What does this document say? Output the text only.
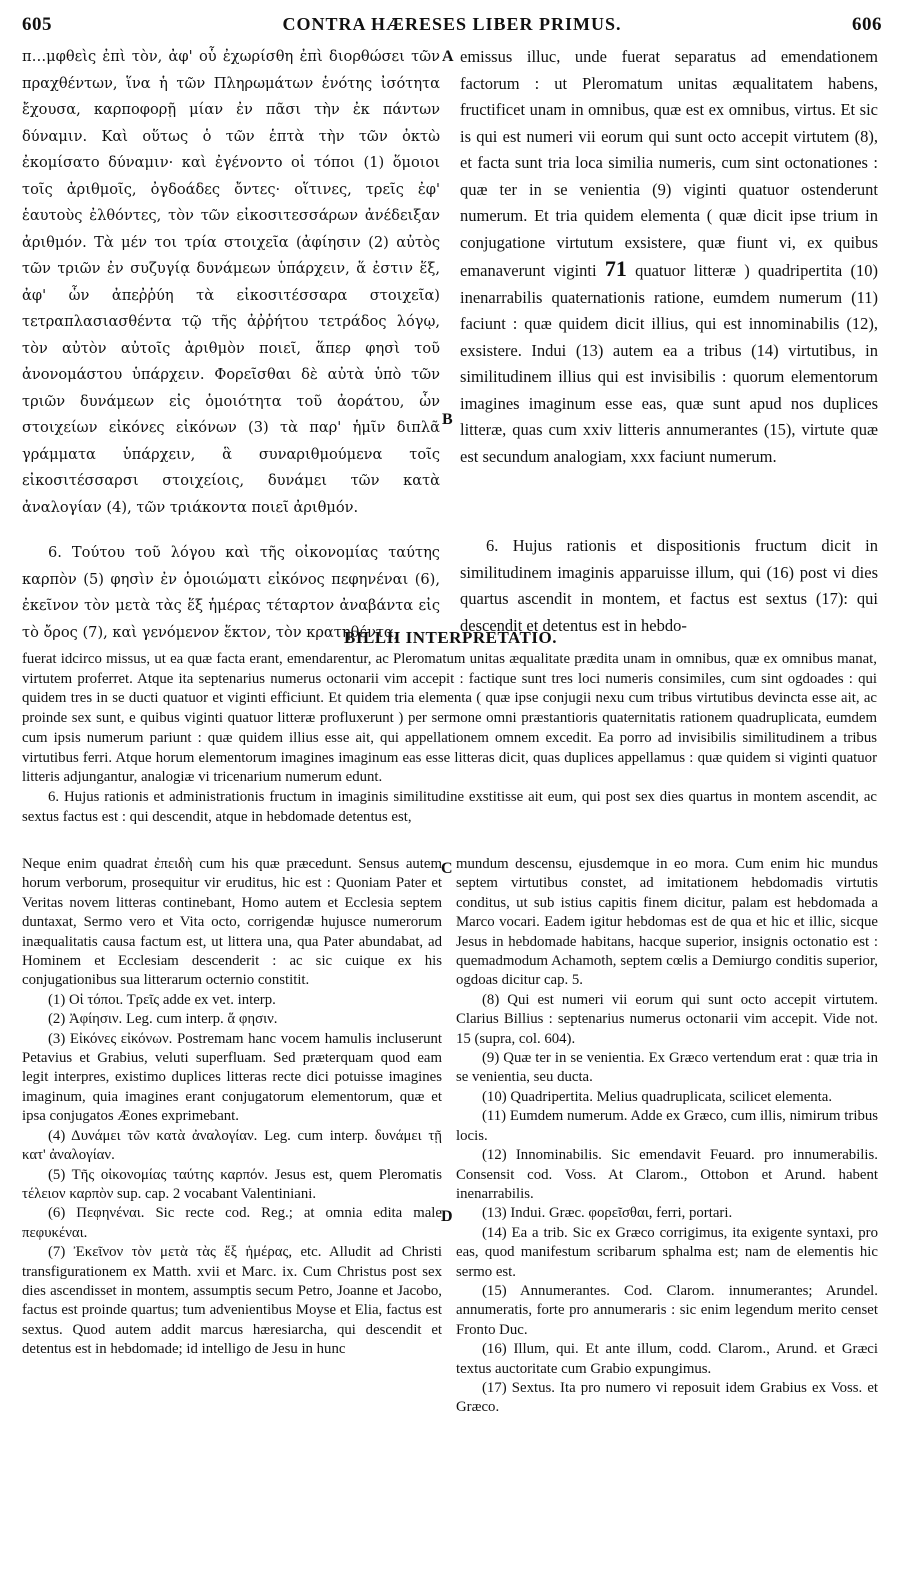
605	CONTRA HÆRESES LIBER PRIMUS.	606

π…μφθεὶς ἐπὶ τὸν, ἀφ' οὗ ἐχωρίσθη ἐπὶ διορθώσει τῶν πραχθέντων, ἵνα ἡ τῶν Πληρωμάτων ἑνότης ἰσότητα ἔχουσα, καρποφορῇ μίαν ἐν πᾶσι τὴν ἐκ πάντων δύναμιν. Καὶ οὕτως ὁ τῶν ἑπτὰ τὴν τῶν ὀκτὼ ἐκομίσατο δύναμιν· καὶ ἐγένοντο οἱ τόποι (1) ὅμοιοι τοῖς ἀριθμοῖς, ὀγδοάδες ὄντες· οἵτινες, τρεῖς ἐφ' ἑαυτοὺς ἐλθόντες, τὸν τῶν εἰκοσιτεσσάρων ἀνέδειξαν ἀριθμόν. Τὰ μέν τοι τρία στοιχεῖα (ἀφίησιν (2) αὐτὸς τῶν τριῶν ἐν συζυγίᾳ δυνάμεων ὑπάρχειν, ἅ ἐστιν ἕξ, ἀφ' ὧν ἀπεῤῥύη τὰ εἰκοσιτέσσαρα στοιχεῖα) τετραπλασιασθέντα τῷ τῆς ἀῤῥήτου τετράδος λόγῳ, τὸν αὐτὸν αὐτοῖς ἀριθμὸν ποιεῖ, ἅπερ φησὶ τοῦ ἀνονομάστου ὑπάρχειν. Φορεῖσθαι δὲ αὐτὰ ὑπὸ τῶν τριῶν δυνάμεων εἰς ὁμοιότητα τοῦ ἀοράτου, ὧν στοιχείων εἰκόνες εἰκόνων (3) τὰ παρ' ἡμῖν διπλᾶ γράμματα ὑπάρχειν, ἃ συναριθμούμενα τοῖς εἰκοσιτέσσαρσι στοιχείοις, δυνάμει τῶν κατὰ ἀναλογίαν (4), τῶν τριάκοντα ποιεῖ ἀριθμόν.

6. Τούτου τοῦ λόγου καὶ τῆς οἰκονομίας ταύτης καρπὸν (5) φησὶν ἐν ὁμοιώματι εἰκόνος πεφηνέναι (6), ἐκεῖνον τὸν μετὰ τὰς ἕξ ἡμέρας τέταρτον ἀναβάντα εἰς τὸ ὄρος (7), καὶ γενόμενον ἕκτον, τὸν κρατηθέντα,

A
B
C
D

emissus illuc, unde fuerat separatus ad emendationem factorum : ut Pleromatum unitas æqualitatem habens, fructificet unam in omnibus, quæ est ex omnibus, virtus. Et sic is qui est numeri vii eorum qui sunt octo accepit virtutem (8), et facta sunt tria loca similia numeris, cum sint octonationes : quæ ter in se venientia (9) viginti quatuor ostenderunt numerum. Et tria quidem elementa ( quæ dicit ipse trium in conjugatione virtutum exsistere, quæ fiunt vi, ex quibus emanaverunt viginti 71 quatuor litteræ ) quadripertita (10) inenarrabilis quaternationis ratione, eumdem numerum (11) faciunt : quæ quidem dicit illius, qui est innominabilis (12), exsistere. Indui (13) autem ea a tribus (14) virtutibus, in similitudinem illius qui est invisibilis : quorum elementorum imagines imaginum esse eas, quæ sunt apud nos duplices litteræ, quas cum xxiv litteris annumerantes (15), virtute quæ est secundum analogiam, xxx faciunt numerum.

6. Hujus rationis et dispositionis fructum dicit in similitudinem imaginis apparuisse illum, qui (16) post vi dies quartus ascendit in montem, et factus est sextus (17): qui descendit et detentus est in hebdo-

BILLII INTERPRETATIO.

fuerat idcirco missus, ut ea quæ facta erant, emendarentur, ac Pleromatum unitas æqualitate prædita unam in omnibus, quæ ex omnibus manat, virtutem proferret. Atque ita septenarius numerus octonarii vim accepit : factique sunt tres loci numeris consimiles, cum sint ogdoades : qui quidem tres in se ducti quatuor et viginti efficiunt. Et quidem tria elementa ( quæ ipse conjugii nexu cum tribus virtutibus devincta esse ait, ac proinde sex sunt, e quibus viginti quatuor litteræ profluxerunt ) per sermone omni præstantioris quaternitatis rationem quadruplicata, eumdem cum ipsis numerum pariunt : quæ quidem illius esse ait, qui appellationem omnem excedit. Ea porro ad invisibilis similitudinem a tribus virtutibus ferri. Atque horum elementorum imagines imaginum eas esse litteras dicit, quas duplices appellamus : quæ quidem si viginti quatuor litteris adjungantur, analogiæ vi tricenarium numerum edunt.

6. Hujus rationis et administrationis fructum in imaginis similitudine exstitisse ait eum, qui post sex dies quartus in montem ascendit, ac sextus factus est : qui descendit, atque in hebdomade detentus est,

Neque enim quadrat ἐπειδὴ cum his quæ præcedunt. Sensus autem horum verborum, prosequitur vir eruditus, hic est : Quoniam Pater et Veritas novem litteras continebant, Homo autem et Ecclesia septem duntaxat, Sermo vero et Vita octo, corrigendæ hujusce numerorum inæqualitatis causa factum est, ut littera una, qua Pater abundabat, ad Hominem et Ecclesiam descenderit : ac sic cuique ex his conjugationibus sua litterarum octernio constitit.

(1) Οἱ τόποι. Τρεῖς adde ex vet. interp.

(2) Ἀφίησιν. Leg. cum interp. ἅ φησιν.

(3) Εἰκόνες εἰκόνων. Postremam hanc vocem hamulis incluserunt Petavius et Grabius, veluti superfluam. Sed præterquam quod eam legit interpres, existimo duplices litteras recte dici potuisse imagines imaginum, quia imagines erant conjugatorum elementorum, quæ et ipsa conjugatos Æones exprimebant.

(4) Δυνάμει τῶν κατὰ ἀναλογίαν. Leg. cum interp. δυνάμει τῇ κατ' ἀναλογίαν.

(5) Τῆς οἰκονομίας ταύτης καρπόν. Jesus est, quem Pleromatis τέλειον καρπὸν sup. cap. 2 vocabant Valentiniani.

(6) Πεφηνέναι. Sic recte cod. Reg.; at omnia edita male πεφυκέναι.

(7) Ἐκεῖνον τὸν μετὰ τὰς ἕξ ἡμέρας, etc. Alludit ad Christi transfigurationem ex Matth. xvii et Marc. ix. Cum Christus post sex dies ascendisset in montem, assumptis secum Petro, Joanne et Jacobo, factus est proinde quartus; tum advenientibus Moyse et Elia, factus est sextus. Quod autem addit marcus hæresiarcha, qui descendit et detentus est in hebdomade; id intelligo de Jesu in hunc

mundum descensu, ejusdemque in eo mora. Cum enim hic mundus septem virtutibus constet, ad imitationem hebdomadis virtutis conditus, ut sub istius capitis finem dicitur, palam est hebdomada a Marco vocari. Eadem igitur hebdomas est de qua et hic et illic, sicque Jesus in hebdomade habitans, hacque superior, insignis octonatio est : quemadmodum Achamoth, septem cœlis a Demiurgo conditis superior, ogdoas dicitur cap. 5.

(8) Qui est numeri vii eorum qui sunt octo accepit virtutem. Clarius Billius : septenarius numerus octonarii vim accepit. Vide not. 15 (supra, col. 604).

(9) Quæ ter in se venientia. Ex Græco vertendum erat : quæ tria in se venientia, seu ducta.

(10) Quadripertita. Melius quadruplicata, scilicet elementa.

(11) Eumdem numerum. Adde ex Græco, cum illis, nimirum tribus locis.

(12) Innominabilis. Sic emendavit Feuard. pro innumerabilis. Consensit cod. Voss. At Clarom., Ottobon et Arund. habent inenarrabilis.

(13) Indui. Græc. φορεῖσθαι, ferri, portari.

(14) Ea a trib. Sic ex Græco corrigimus, ita exigente syntaxi, pro eas, quod manifestum scribarum sphalma est; nam de elementis hic sermo est.

(15) Annumerantes. Cod. Clarom. innumerantes; Arundel. annumeratis, forte pro annumeraris : sic enim legendum merito censet Fronto Duc.

(16) Illum, qui. Et ante illum, codd. Clarom., Arund. et Græci textus auctoritate cum Grabio expungimus.

(17) Sextus. Ita pro numero vi reposuit idem Grabius ex Voss. et Græco.
